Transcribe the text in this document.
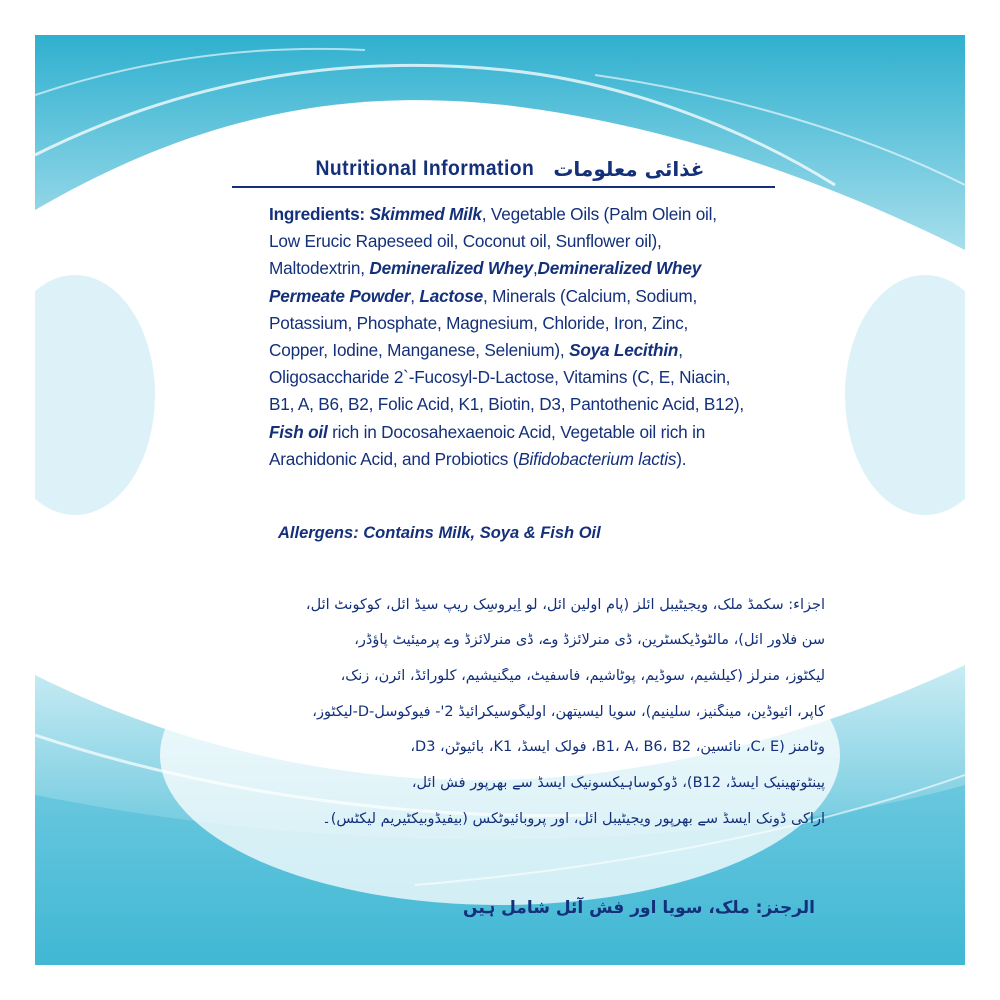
Nutritional Information غذائی معلومات
Ingredients: Skimmed Milk, Vegetable Oils (Palm Olein oil, Low Erucic Rapeseed oil, Coconut oil, Sunflower oil), Maltodextrin, Demineralized Whey,Demineralized Whey Permeate Powder, Lactose, Minerals (Calcium, Sodium, Potassium, Phosphate, Magnesium, Chloride, Iron, Zinc, Copper, Iodine, Manganese, Selenium), Soya Lecithin, Oligosaccharide 2`-Fucosyl-D-Lactose, Vitamins (C, E, Niacin, B1, A, B6, B2, Folic Acid, K1, Biotin, D3, Pantothenic Acid, B12), Fish oil rich in Docosahexaenoic Acid, Vegetable oil rich in Arachidonic Acid, and Probiotics (Bifidobacterium lactis).
Allergens: Contains Milk, Soya & Fish Oil
اجزاء: سکمڈ ملک، ویجیٹیبل آئلز (پام اولین آئل، لو اِیروسِک ریپ سیڈ آئل، کوکونٹ آئل،
سن فلاور آئل)، مالٹوڈیکسٹرین، ڈی منرلائزڈ وے، ڈی منرلائزڈ وے پرمیئیٹ پاؤڈر،
لیکٹوز، منرلز (کیلشیم، سوڈیم، پوٹاشیم، فاسفیٹ، میگنیشیم، کلورائڈ، آئرن، زنک،
کاپر، آئیوڈین، مینگنیز، سلینیم)، سویا لیسیتھن، اولیگوسیکرائیڈ 2'- فیوکوسل-D-لیکٹوز،
وٹامنز (C، E، نائسین، B1، A، B6، B2، فولک ایسڈ، K1، بائیوٹن، D3،
پینٹوتھینیک ایسڈ، B12)، ڈوکوساہیکسونیک ایسڈ سے بھرپور فش آئل،
اراکی ڈونک ایسڈ سے بھرپور ویجیٹیبل آئل، اور پروبائیوٹکس (بیفیڈوبیکٹیریم لیکٹس)۔
الرجنز: ملک، سویا اور فش آئل شامل ہیں
